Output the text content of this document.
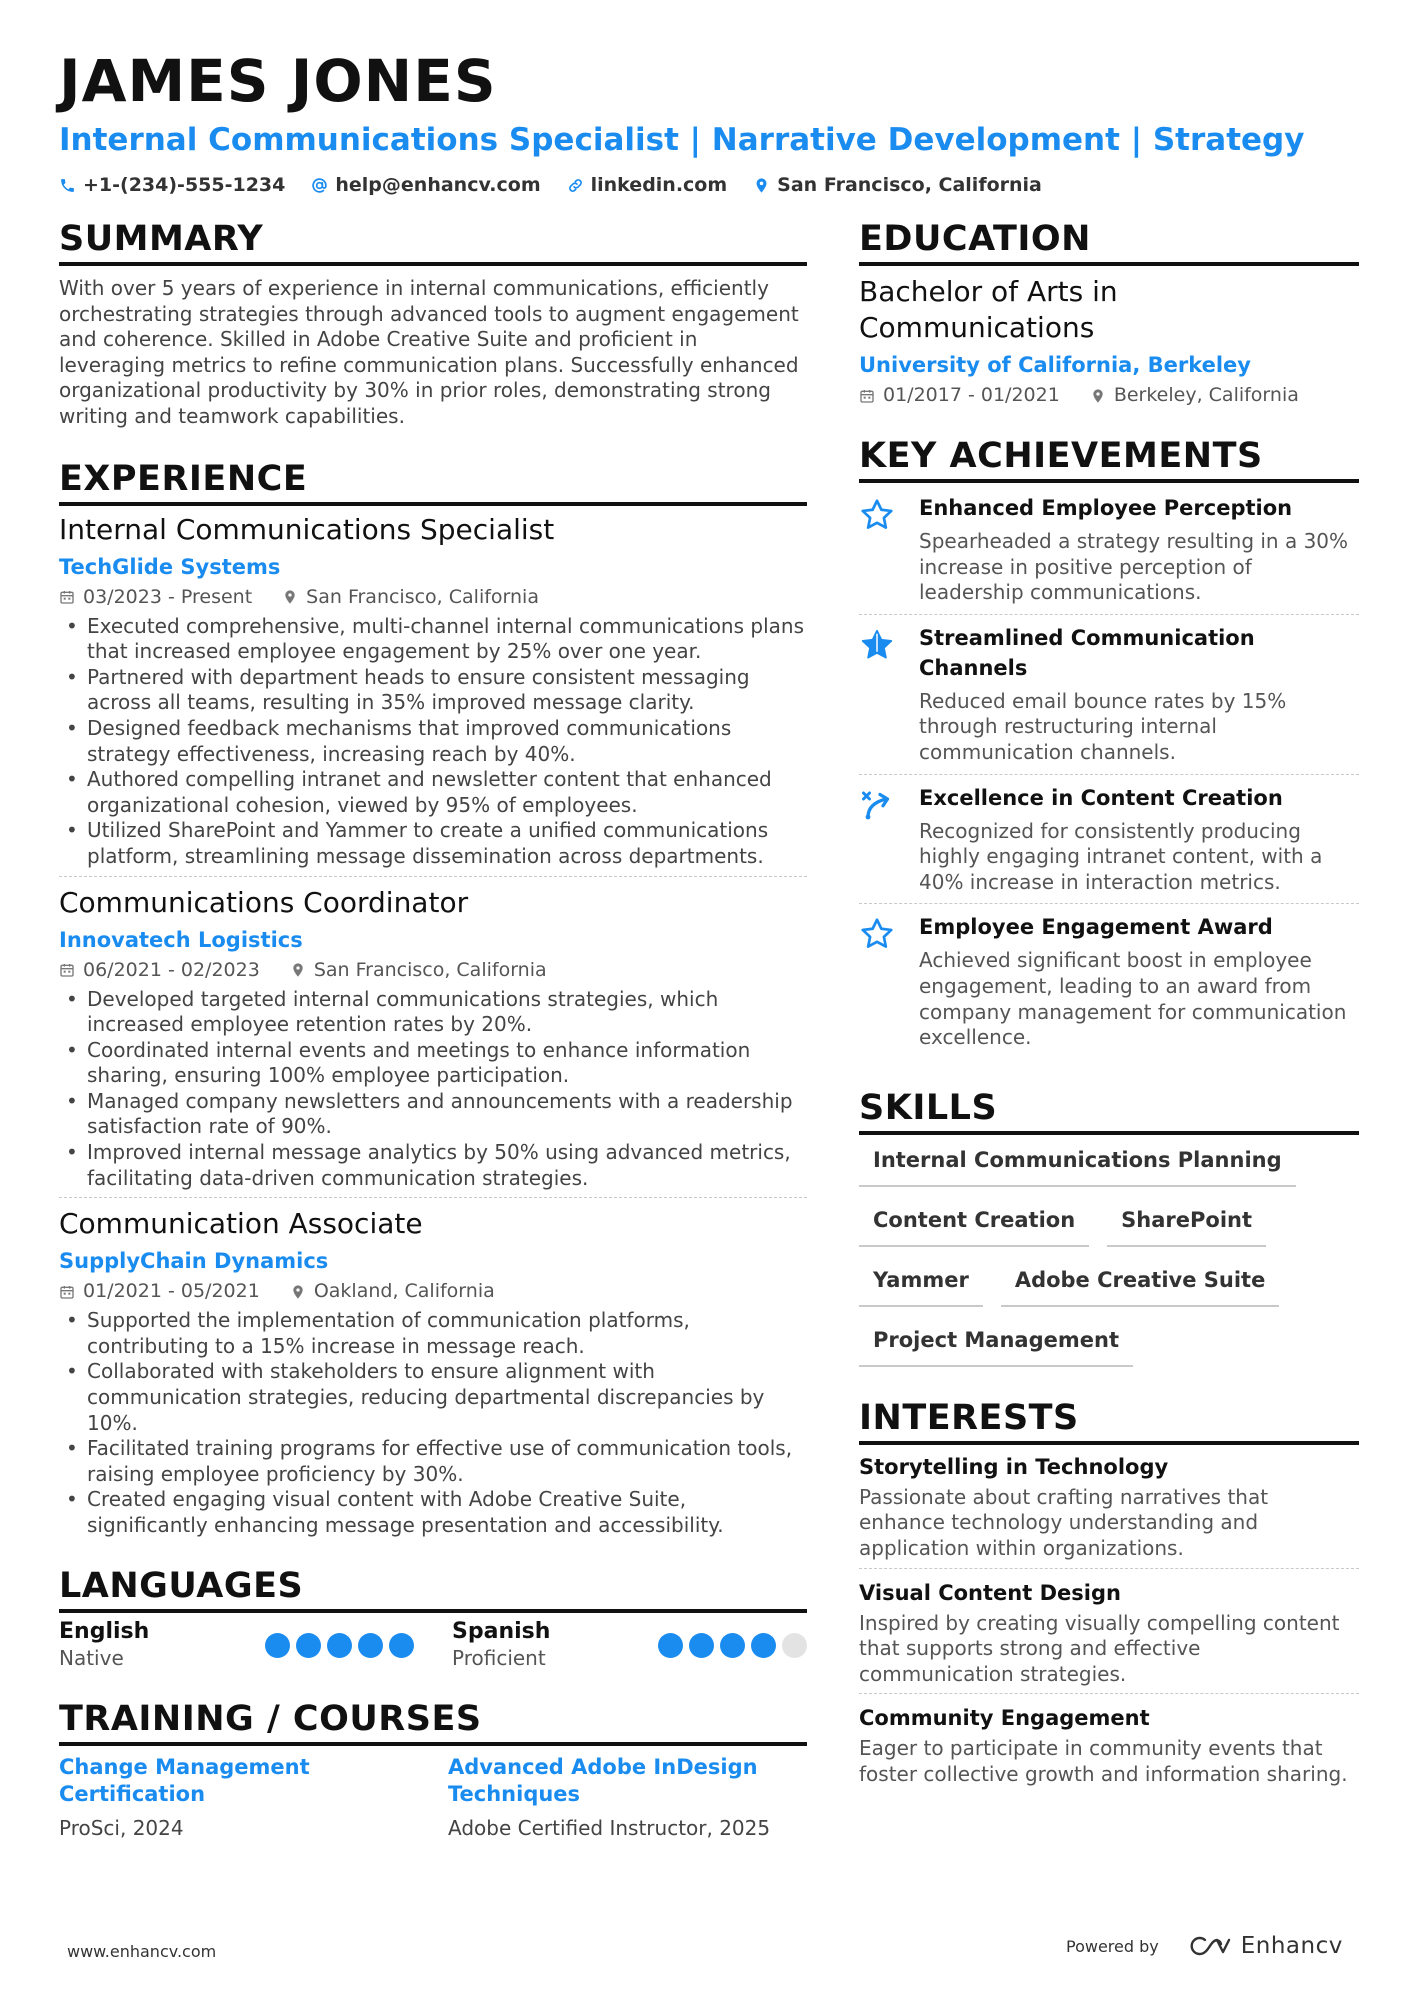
JAMES JONES
Internal Communications Specialist | Narrative Development | Strategy
+1-(234)-555-1234	help@enhancv.com	linkedin.com	San Francisco, California
SUMMARY
With over 5 years of experience in internal communications, efficiently orchestrating strategies through advanced tools to augment engagement and coherence. Skilled in Adobe Creative Suite and proficient in leveraging metrics to refine communication plans. Successfully enhanced organizational productivity by 30% in prior roles, demonstrating strong writing and teamwork capabilities.
EXPERIENCE
Internal Communications Specialist
TechGlide Systems
03/2023 - Present	San Francisco, California
• Executed comprehensive, multi-channel internal communications plans that increased employee engagement by 25% over one year.
• Partnered with department heads to ensure consistent messaging across all teams, resulting in 35% improved message clarity.
• Designed feedback mechanisms that improved communications strategy effectiveness, increasing reach by 40%.
• Authored compelling intranet and newsletter content that enhanced organizational cohesion, viewed by 95% of employees.
• Utilized SharePoint and Yammer to create a unified communications platform, streamlining message dissemination across departments.
Communications Coordinator
Innovatech Logistics
06/2021 - 02/2023	San Francisco, California
• Developed targeted internal communications strategies, which increased employee retention rates by 20%.
• Coordinated internal events and meetings to enhance information sharing, ensuring 100% employee participation.
• Managed company newsletters and announcements with a readership satisfaction rate of 90%.
• Improved internal message analytics by 50% using advanced metrics, facilitating data-driven communication strategies.
Communication Associate
SupplyChain Dynamics
01/2021 - 05/2021	Oakland, California
• Supported the implementation of communication platforms, contributing to a 15% increase in message reach.
• Collaborated with stakeholders to ensure alignment with communication strategies, reducing departmental discrepancies by 10%.
• Facilitated training programs for effective use of communication tools, raising employee proficiency by 30%.
• Created engaging visual content with Adobe Creative Suite, significantly enhancing message presentation and accessibility.
LANGUAGES
English
Native
Spanish
Proficient
TRAINING / COURSES
Change Management Certification
ProSci, 2024
Advanced Adobe InDesign Techniques
Adobe Certified Instructor, 2025
EDUCATION
Bachelor of Arts in Communications
University of California, Berkeley
01/2017 - 01/2021	Berkeley, California
KEY ACHIEVEMENTS
Enhanced Employee Perception
Spearheaded a strategy resulting in a 30% increase in positive perception of leadership communications.
Streamlined Communication Channels
Reduced email bounce rates by 15% through restructuring internal communication channels.
Excellence in Content Creation
Recognized for consistently producing highly engaging intranet content, with a 40% increase in interaction metrics.
Employee Engagement Award
Achieved significant boost in employee engagement, leading to an award from company management for communication excellence.
SKILLS
Internal Communications Planning
Content Creation	SharePoint
Yammer	Adobe Creative Suite
Project Management
INTERESTS
Storytelling in Technology
Passionate about crafting narratives that enhance technology understanding and application within organizations.
Visual Content Design
Inspired by creating visually compelling content that supports strong and effective communication strategies.
Community Engagement
Eager to participate in community events that foster collective growth and information sharing.
www.enhancv.com	Powered by	Enhancv
